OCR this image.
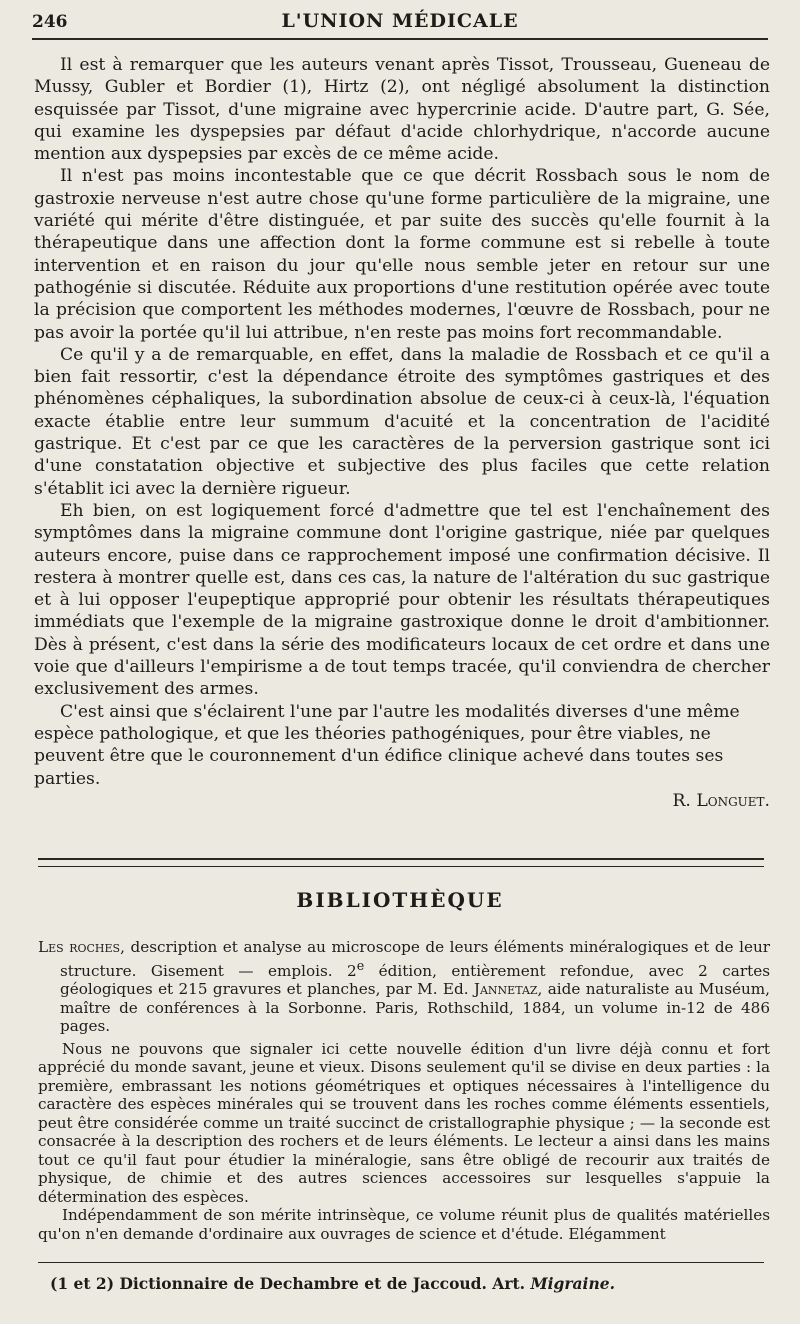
246	L'UNION MÉDICALE

Il est à remarquer que les auteurs venant après Tissot, Trousseau, Gueneau de Mussy, Gubler et Bordier (1), Hirtz (2), ont négligé absolument la distinction esquissée par Tissot, d'une migraine avec hypercrinie acide. D'autre part, G. Sée, qui examine les dyspepsies par défaut d'acide chlorhydrique, n'accorde aucune mention aux dyspepsies par excès de ce même acide.

Il n'est pas moins incontestable que ce que décrit Rossbach sous le nom de gastroxie nerveuse n'est autre chose qu'une forme particulière de la migraine, une variété qui mérite d'être distinguée, et par suite des succès qu'elle fournit à la thérapeutique dans une affection dont la forme commune est si rebelle à toute intervention et en raison du jour qu'elle nous semble jeter en retour sur une pathogénie si discutée. Réduite aux proportions d'une restitution opérée avec toute la précision que comportent les méthodes modernes, l'œuvre de Rossbach, pour ne pas avoir la portée qu'il lui attribue, n'en reste pas moins fort recommandable.

Ce qu'il y a de remarquable, en effet, dans la maladie de Rossbach et ce qu'il a bien fait ressortir, c'est la dépendance étroite des symptômes gastriques et des phénomènes céphaliques, la subordination absolue de ceux-ci à ceux-là, l'équation exacte établie entre leur summum d'acuité et la concentration de l'acidité gastrique. Et c'est par ce que les caractères de la perversion gastrique sont ici d'une constatation objective et subjective des plus faciles que cette relation s'établit ici avec la dernière rigueur.

Eh bien, on est logiquement forcé d'admettre que tel est l'enchaînement des symptômes dans la migraine commune dont l'origine gastrique, niée par quelques auteurs encore, puise dans ce rapprochement imposé une confirmation décisive. Il restera à montrer quelle est, dans ces cas, la nature de l'altération du suc gastrique et à lui opposer l'eupeptique approprié pour obtenir les résultats thérapeutiques immédiats que l'exemple de la migraine gastroxique donne le droit d'ambitionner. Dès à présent, c'est dans la série des modificateurs locaux de cet ordre et dans une voie que d'ailleurs l'empirisme a de tout temps tracée, qu'il conviendra de chercher exclusivement des armes.

C'est ainsi que s'éclairent l'une par l'autre les modalités diverses d'une même espèce pathologique, et que les théories pathogéniques, pour être viables, ne peuvent être que le couronnement d'un édifice clinique achevé dans toutes ses parties.
R. Longuet.

BIBLIOTHÈQUE

Les roches, description et analyse au microscope de leurs éléments minéralogiques et de leur structure. Gisement — emplois. 2e édition, entièrement refondue, avec 2 cartes géologiques et 215 gravures et planches, par M. Ed. Jannetaz, aide naturaliste au Muséum, maître de conférences à la Sorbonne. Paris, Rothschild, 1884, un volume in-12 de 486 pages.

Nous ne pouvons que signaler ici cette nouvelle édition d'un livre déjà connu et fort apprécié du monde savant, jeune et vieux. Disons seulement qu'il se divise en deux parties : la première, embrassant les notions géométriques et optiques nécessaires à l'intelligence du caractère des espèces minérales qui se trouvent dans les roches comme éléments essentiels, peut être considérée comme un traité succinct de cristallographie physique ; — la seconde est consacrée à la description des rochers et de leurs éléments. Le lecteur a ainsi dans les mains tout ce qu'il faut pour étudier la minéralogie, sans être obligé de recourir aux traités de physique, de chimie et des autres sciences accessoires sur lesquelles s'appuie la détermination des espèces.

Indépendamment de son mérite intrinsèque, ce volume réunit plus de qualités matérielles qu'on n'en demande d'ordinaire aux ouvrages de science et d'étude. Elégamment

(1 et 2) Dictionnaire de Dechambre et de Jaccoud. Art. Migraine.
